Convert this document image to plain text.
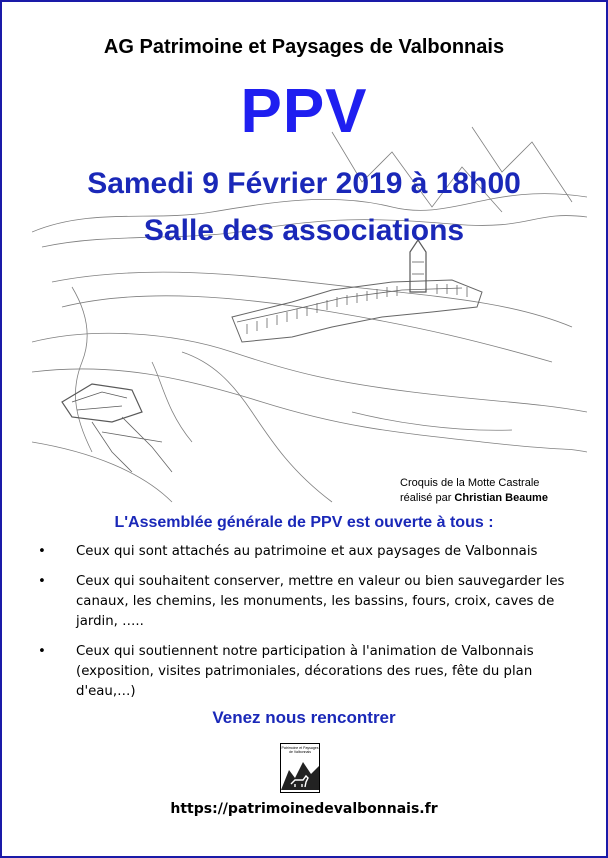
AG Patrimoine et Paysages de Valbonnais
PPV
Samedi 9 Février 2019 à 18h00
Salle des associations
Croquis de la Motte Castrale
réalisé par Christian Beaume
L'Assemblée générale de PPV est ouverte à tous :
• Ceux qui sont attachés au patrimoine et aux paysages de Valbonnais
• Ceux qui souhaitent conserver, mettre en valeur ou bien sauvegarder les canaux, les chemins, les monuments, les bassins, fours, croix, caves de jardin, …..
• Ceux qui soutiennent notre participation à l'animation de Valbonnais (exposition, visites patrimoniales, décorations des rues, fête du plan d'eau,…)
Venez nous rencontrer
Patrimoine et Paysages de Valbonnais
https://patrimoinedevalbonnais.fr
